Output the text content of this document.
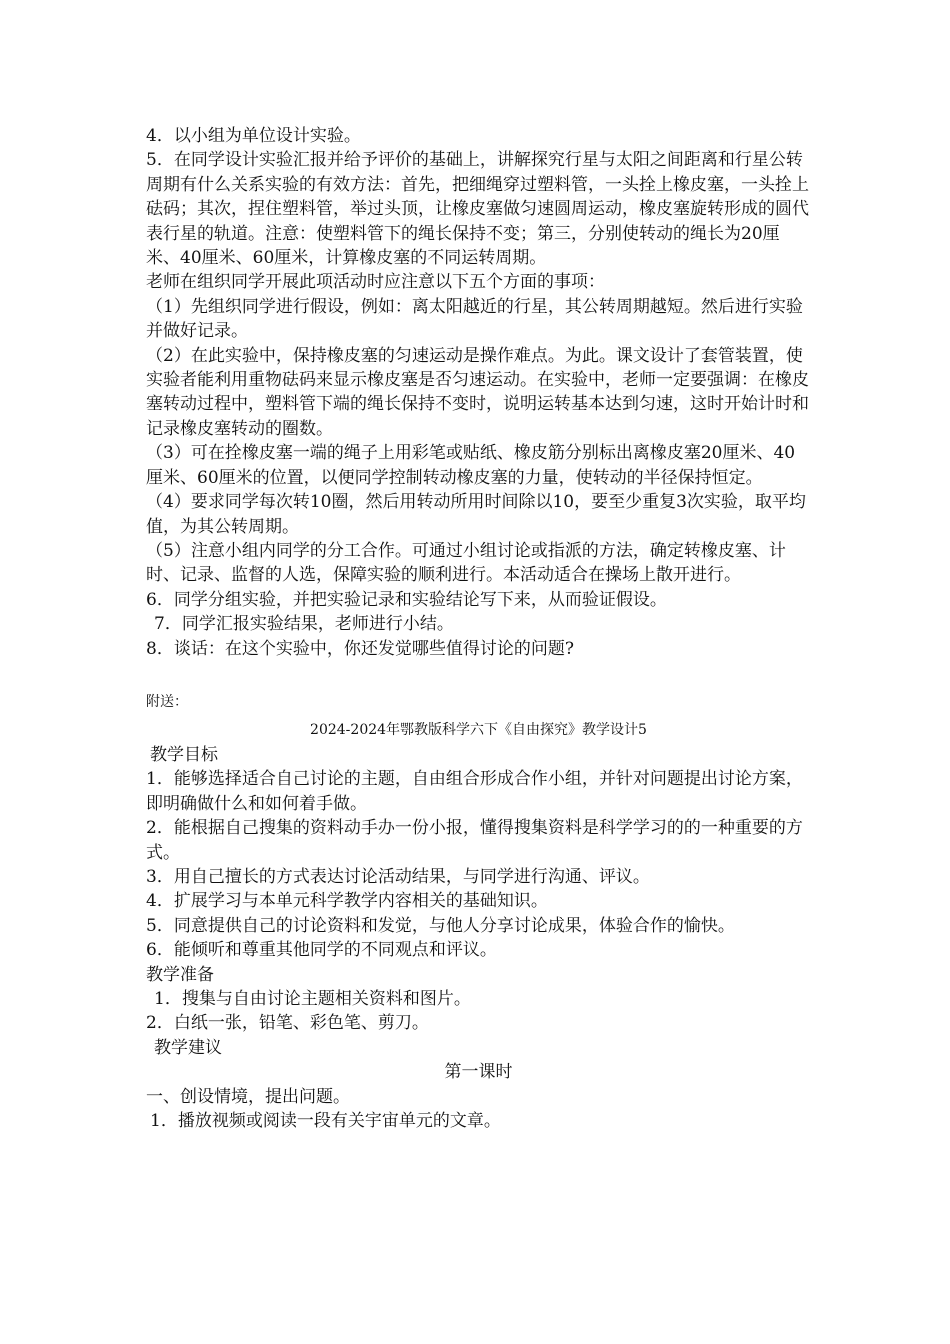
4．以小组为单位设计实验。

5．在同学设计实验汇报并给予评价的基础上，讲解探究行星与太阳之间距离和行星公转周期有什么关系实验的有效方法：首先，把细绳穿过塑料管，一头拴上橡皮塞，一头拴上砝码；其次，捏住塑料管，举过头顶，让橡皮塞做匀速圆周运动，橡皮塞旋转形成的圆代表行星的轨道。注意：使塑料管下的绳长保持不变；第三，分别使转动的绳长为20厘米、40厘米、60厘米，计算橡皮塞的不同运转周期。

老师在组织同学开展此项活动时应注意以下五个方面的事项：

（1）先组织同学进行假设，例如：离太阳越近的行星，其公转周期越短。然后进行实验并做好记录。

（2）在此实验中，保持橡皮塞的匀速运动是操作难点。为此。课文设计了套管装置，使实验者能利用重物砝码来显示橡皮塞是否匀速运动。在实验中，老师一定要强调：在橡皮塞转动过程中，塑料管下端的绳长保持不变时，说明运转基本达到匀速，这时开始计时和记录橡皮塞转动的圈数。

（3）可在拴橡皮塞一端的绳子上用彩笔或贴纸、橡皮筋分别标出离橡皮塞20厘米、40厘米、60厘米的位置，以便同学控制转动橡皮塞的力量，使转动的半径保持恒定。

（4）要求同学每次转10圈，然后用转动所用时间除以10，要至少重复3次实验，取平均值，为其公转周期。

（5）注意小组内同学的分工合作。可通过小组讨论或指派的方法，确定转橡皮塞、计时、记录、监督的人选，保障实验的顺利进行。本活动适合在操场上散开进行。

6．同学分组实验，并把实验记录和实验结论写下来，从而验证假设。

7．同学汇报实验结果，老师进行小结。

8．谈话：在这个实验中，你还发觉哪些值得讨论的问题?

附送：

2024-2024年鄂教版科学六下《自由探究》教学设计5

教学目标

1．能够选择适合自己讨论的主题，自由组合形成合作小组，并针对问题提出讨论方案，即明确做什么和如何着手做。

2．能根据自己搜集的资料动手办一份小报，懂得搜集资料是科学学习的的一种重要的方式。

3．用自己擅长的方式表达讨论活动结果，与同学进行沟通、评议。

4．扩展学习与本单元科学教学内容相关的基础知识。

5．同意提供自己的讨论资料和发觉，与他人分享讨论成果，体验合作的愉快。

6．能倾听和尊重其他同学的不同观点和评议。

教学准备

1．搜集与自由讨论主题相关资料和图片。

2．白纸一张，铅笔、彩色笔、剪刀。

教学建议

第一课时

一、创设情境，提出问题。

1．播放视频或阅读一段有关宇宙单元的文章。
